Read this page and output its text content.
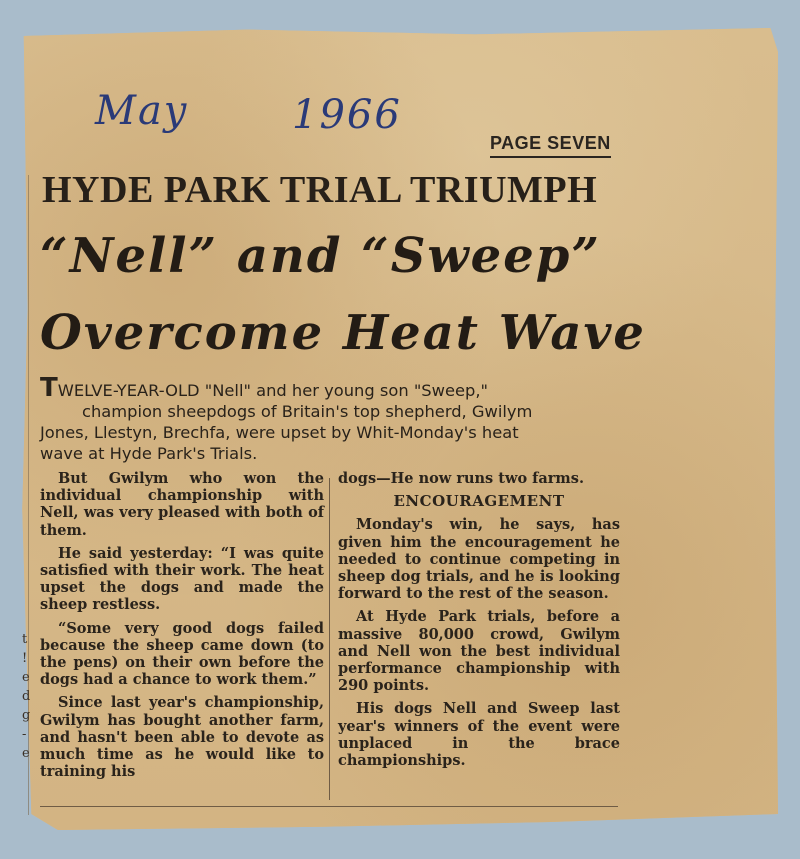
May	1966
PAGE SEVEN
HYDE PARK TRIAL TRIUMPH
“Nell” and “Sweep”
Overcome Heat Wave
TWELVE-YEAR-OLD "Nell" and her young son "Sweep,"
champion sheepdogs of Britain's top shepherd, Gwilym
Jones, Llestyn, Brechfa, were upset by Whit-Monday's heat
wave at Hyde Park's Trials.

But Gwilym who won the individual championship with Nell, was very pleased with both of them.

He said yesterday: “I was quite satisfied with their work. The heat upset the dogs and made the sheep restless.

“Some very good dogs failed because the sheep came down (to the pens) on their own before the dogs had a chance to work them.”

Since last year's championship, Gwilym has bought another farm, and hasn't been able to devote as much time as he would like to training his

dogs—He now runs two farms.

ENCOURAGEMENT

Monday's win, he says, has given him the encouragement he needed to continue competing in sheep dog trials, and he is looking forward to the rest of the season.

At Hyde Park trials, before a massive 80,000 crowd, Gwilym and Nell won the best individual performance championship with 290 points.

His dogs Nell and Sweep last year's winners of the event were unplaced in the brace championships.

t
!
e
d
g
-e
